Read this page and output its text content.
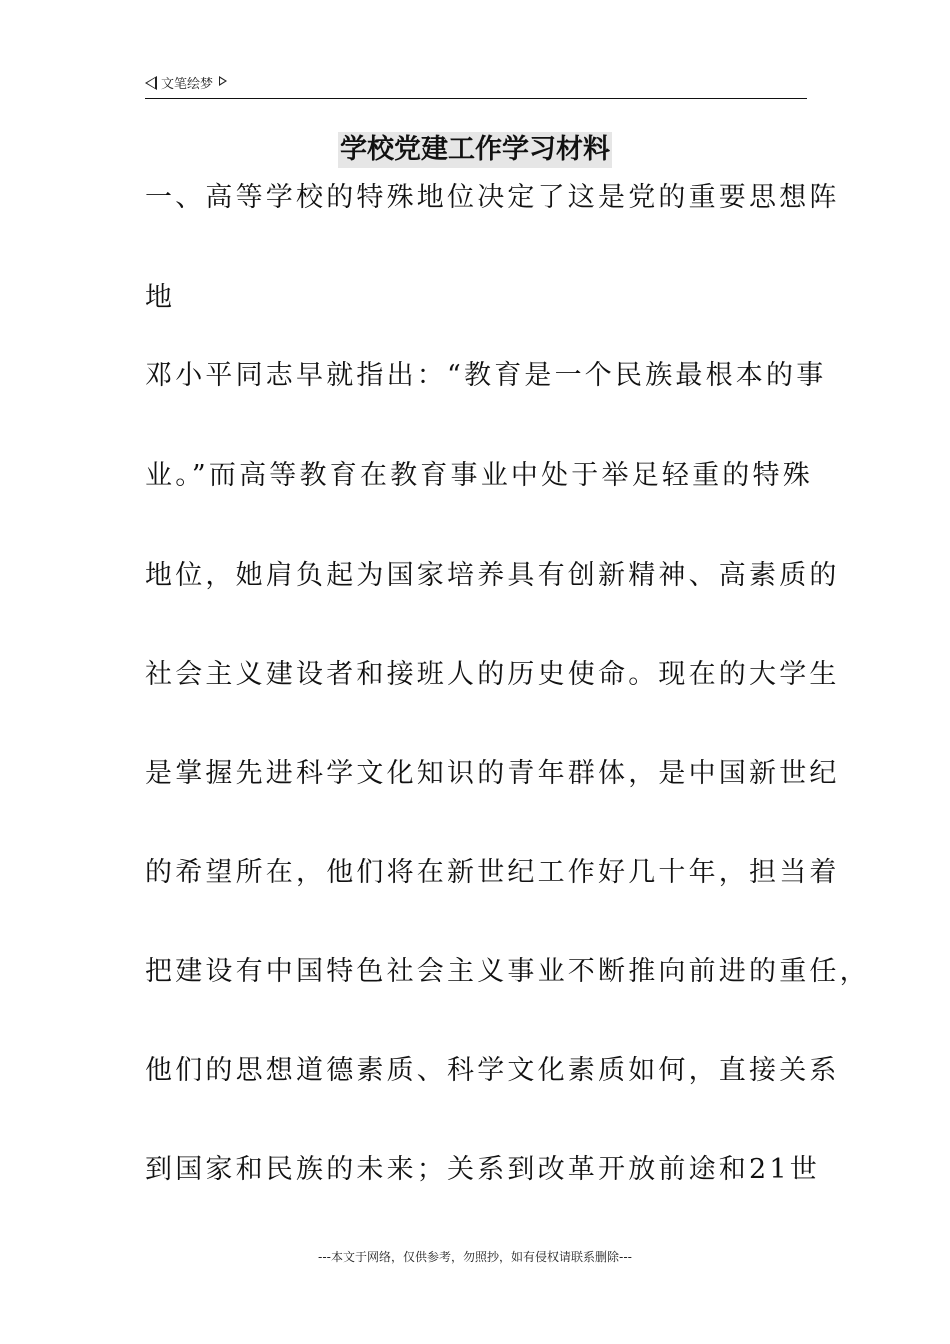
文笔绘梦
学校党建工作学习材料
一、高等学校的特殊地位决定了这是党的重要思想阵
地
邓小平同志早就指出：“教育是一个民族最根本的事
业。”而高等教育在教育事业中处于举足轻重的特殊
地位，她肩负起为国家培养具有创新精神、高素质的
社会主义建设者和接班人的历史使命。现在的大学生
是掌握先进科学文化知识的青年群体，是中国新世纪
的希望所在，他们将在新世纪工作好几十年，担当着
把建设有中国特色社会主义事业不断推向前进的重任，
他们的思想道德素质、科学文化素质如何，直接关系
到国家和民族的未来；关系到改革开放前途和21世
---本文于网络，仅供参考，勿照抄，如有侵权请联系删除---
